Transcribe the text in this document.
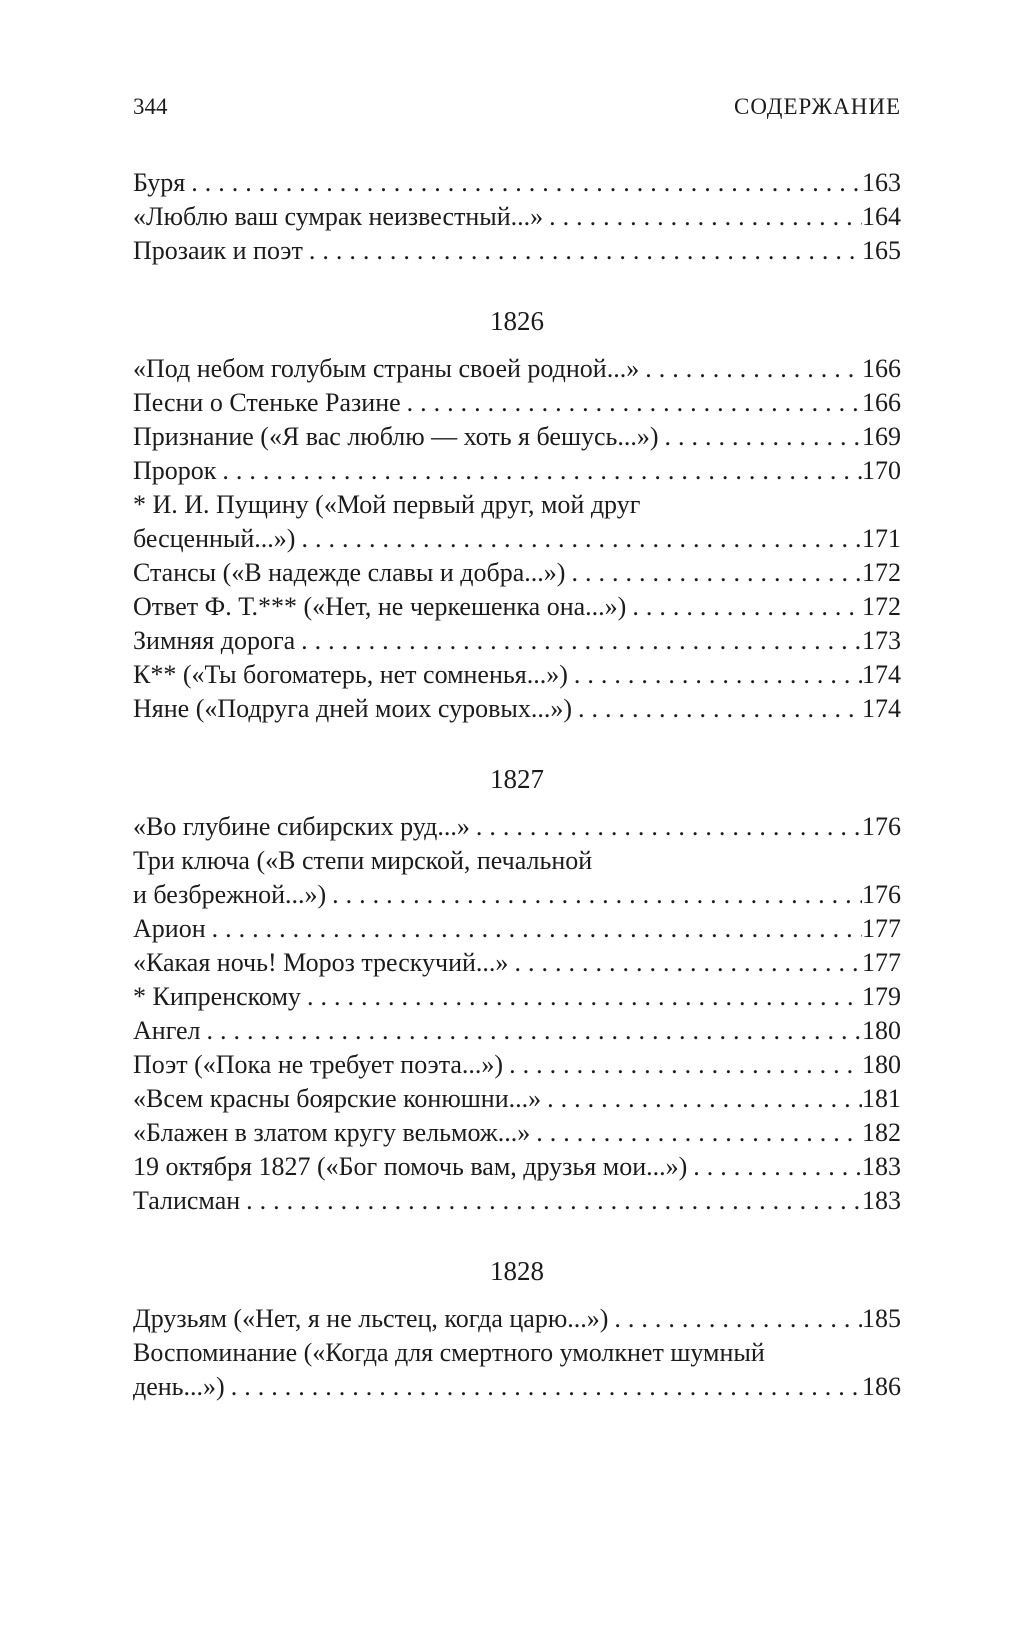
344	СОДЕРЖАНИЕ
Буря .....	163
«Люблю ваш сумрак неизвестный...» .....	164
Прозаик и поэт .....	165
1826
«Под небом голубым страны своей родной...» .....	166
Песни о Стеньке Разине .....	166
Признание («Я вас люблю — хоть я бешусь...») .....	169
Пророк .....	170
* И. И. Пущину («Мой первый друг, мой друг
бесценный...») .....	171
Стансы («В надежде славы и добра...») .....	172
Ответ Ф. Т.*** («Нет, не черкешенка она...») .....	172
Зимняя дорога .....	173
К** («Ты богоматерь, нет сомненья...») .....	174
Няне («Подруга дней моих суровых...») .....	174
1827
«Во глубине сибирских руд...» .....	176
Три ключа («В степи мирской, печальной
и безбрежной...») .....	176
Арион .....	177
«Какая ночь! Мороз трескучий...» .....	177
* Кипренскому .....	179
Ангел .....	180
Поэт («Пока не требует поэта...») .....	180
«Всем красны боярские конюшни...» .....	181
«Блажен в златом кругу вельмож...» .....	182
19 октября 1827 («Бог помочь вам, друзья мои...») .....	183
Талисман .....	183
1828
Друзьям («Нет, я не льстец, когда царю...») .....	185
Воспоминание («Когда для смертного умолкнет шумный
день...») .....	186
